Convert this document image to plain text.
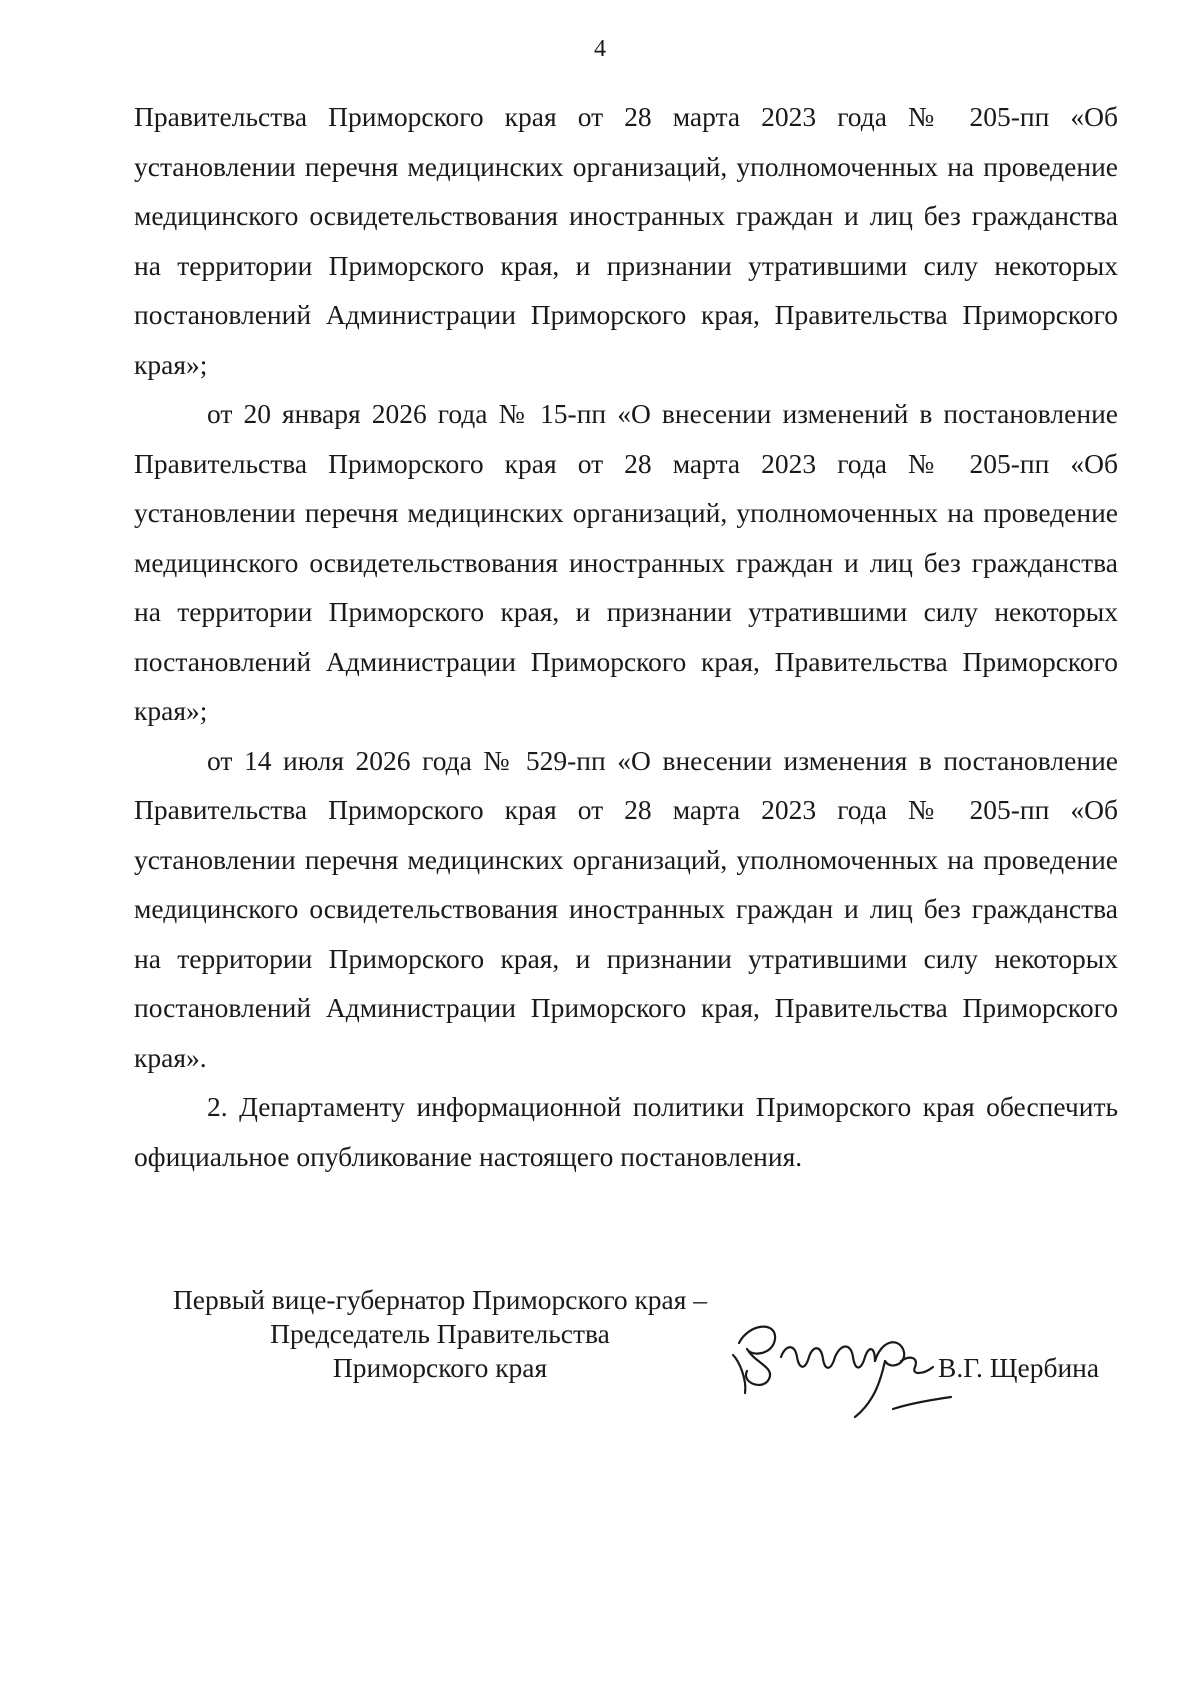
4

Правительства Приморского края от 28 марта 2023 года № 205-пп «Об установлении перечня медицинских организаций, уполномоченных на проведение медицинского освидетельствования иностранных граждан и лиц без гражданства на территории Приморского края, и признании утратившими силу некоторых постановлений Администрации Приморского края, Правительства Приморского края»;

от 20 января 2026 года № 15-пп «О внесении изменений в постановление Правительства Приморского края от 28 марта 2023 года № 205-пп «Об установлении перечня медицинских организаций, уполномоченных на проведение медицинского освидетельствования иностранных граждан и лиц без гражданства на территории Приморского края, и признании утратившими силу некоторых постановлений Администрации Приморского края, Правительства Приморского края»;

от 14 июля 2026 года № 529-пп «О внесении изменения в постановление Правительства Приморского края от 28 марта 2023 года № 205-пп «Об установлении перечня медицинских организаций, уполномоченных на проведение медицинского освидетельствования иностранных граждан и лиц без гражданства на территории Приморского края, и признании утратившими силу некоторых постановлений Администрации Приморского края, Правительства Приморского края».

2. Департаменту информационной политики Приморского края обеспечить официальное опубликование настоящего постановления.

Первый вице-губернатор Приморского края –
Председатель Правительства
Приморского края	В.Г. Щербина
